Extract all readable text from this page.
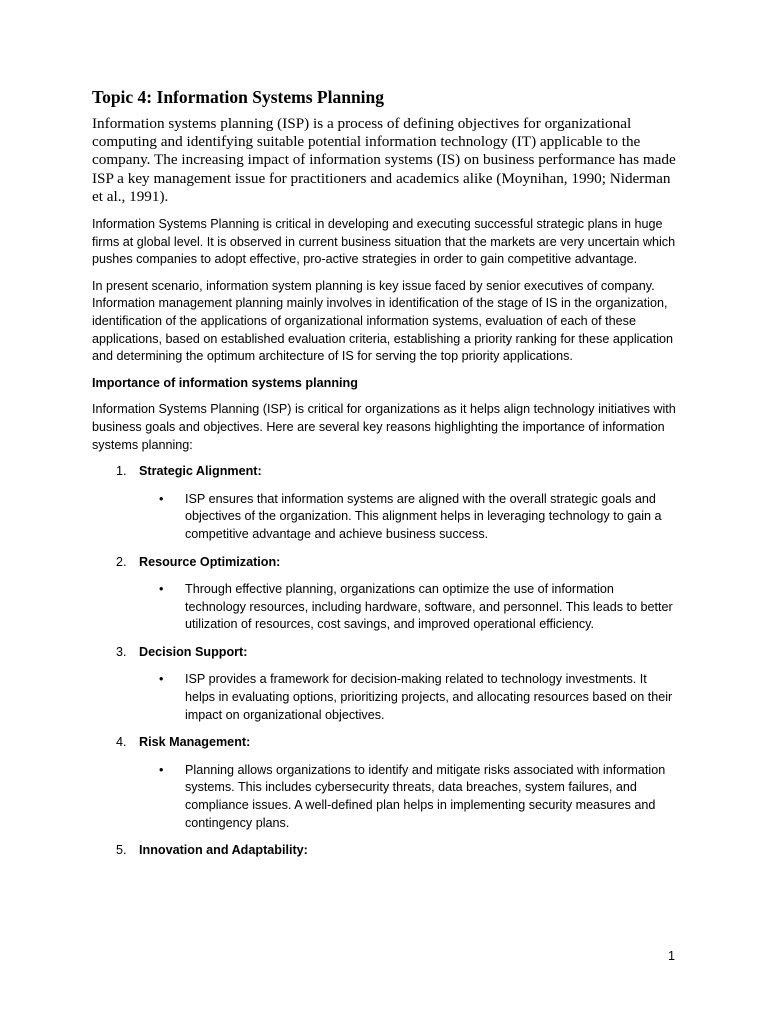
Topic 4: Information Systems Planning

Information systems planning (ISP) is a process of defining objectives for organizational computing and identifying suitable potential information technology (IT) applicable to the company. The increasing impact of information systems (IS) on business performance has made ISP a key management issue for practitioners and academics alike (Moynihan, 1990; Niderman et al., 1991).

Information Systems Planning is critical in developing and executing successful strategic plans in huge firms at global level. It is observed in current business situation that the markets are very uncertain which pushes companies to adopt effective, pro-active strategies in order to gain competitive advantage.

In present scenario, information system planning is key issue faced by senior executives of company. Information management planning mainly involves in identification of the stage of IS in the organization, identification of the applications of organizational information systems, evaluation of each of these applications, based on established evaluation criteria, establishing a priority ranking for these application and determining the optimum architecture of IS for serving the top priority applications.

Importance of information systems planning

Information Systems Planning (ISP) is critical for organizations as it helps align technology initiatives with business goals and objectives. Here are several key reasons highlighting the importance of information systems planning:

1. Strategic Alignment:
• ISP ensures that information systems are aligned with the overall strategic goals and objectives of the organization. This alignment helps in leveraging technology to gain a competitive advantage and achieve business success.
2. Resource Optimization:
• Through effective planning, organizations can optimize the use of information technology resources, including hardware, software, and personnel. This leads to better utilization of resources, cost savings, and improved operational efficiency.
3. Decision Support:
• ISP provides a framework for decision-making related to technology investments. It helps in evaluating options, prioritizing projects, and allocating resources based on their impact on organizational objectives.
4. Risk Management:
• Planning allows organizations to identify and mitigate risks associated with information systems. This includes cybersecurity threats, data breaches, system failures, and compliance issues. A well-defined plan helps in implementing security measures and contingency plans.
5. Innovation and Adaptability:
1
